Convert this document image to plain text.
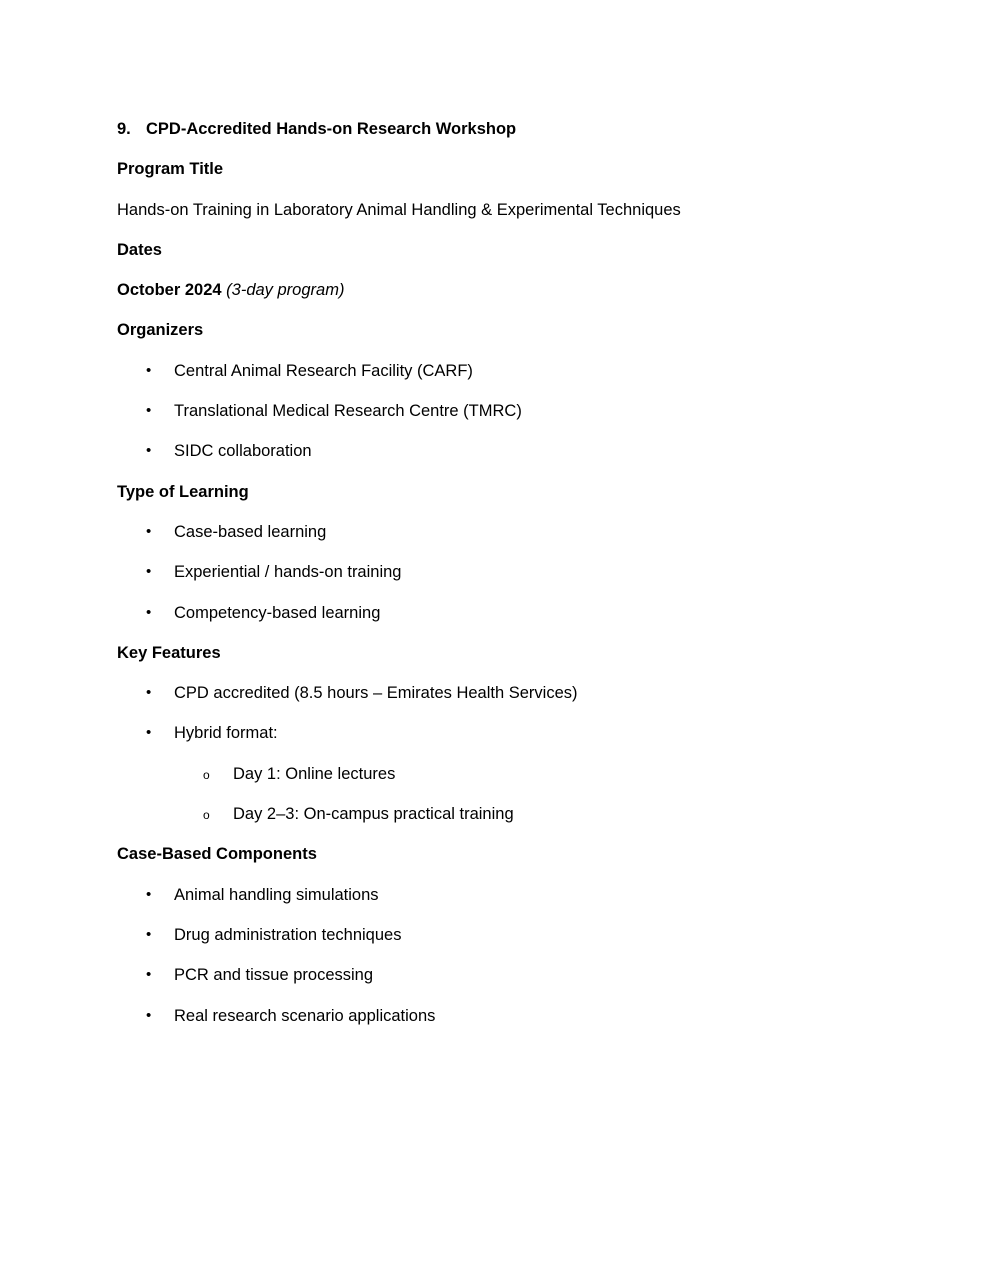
9. CPD-Accredited Hands-on Research Workshop
Program Title
Hands-on Training in Laboratory Animal Handling & Experimental Techniques
Dates
October 2024 (3-day program)
Organizers
• Central Animal Research Facility (CARF)
• Translational Medical Research Centre (TMRC)
• SIDC collaboration
Type of Learning
• Case-based learning
• Experiential / hands-on training
• Competency-based learning
Key Features
• CPD accredited (8.5 hours – Emirates Health Services)
• Hybrid format:
o Day 1: Online lectures
o Day 2–3: On-campus practical training
Case-Based Components
• Animal handling simulations
• Drug administration techniques
• PCR and tissue processing
• Real research scenario applications
